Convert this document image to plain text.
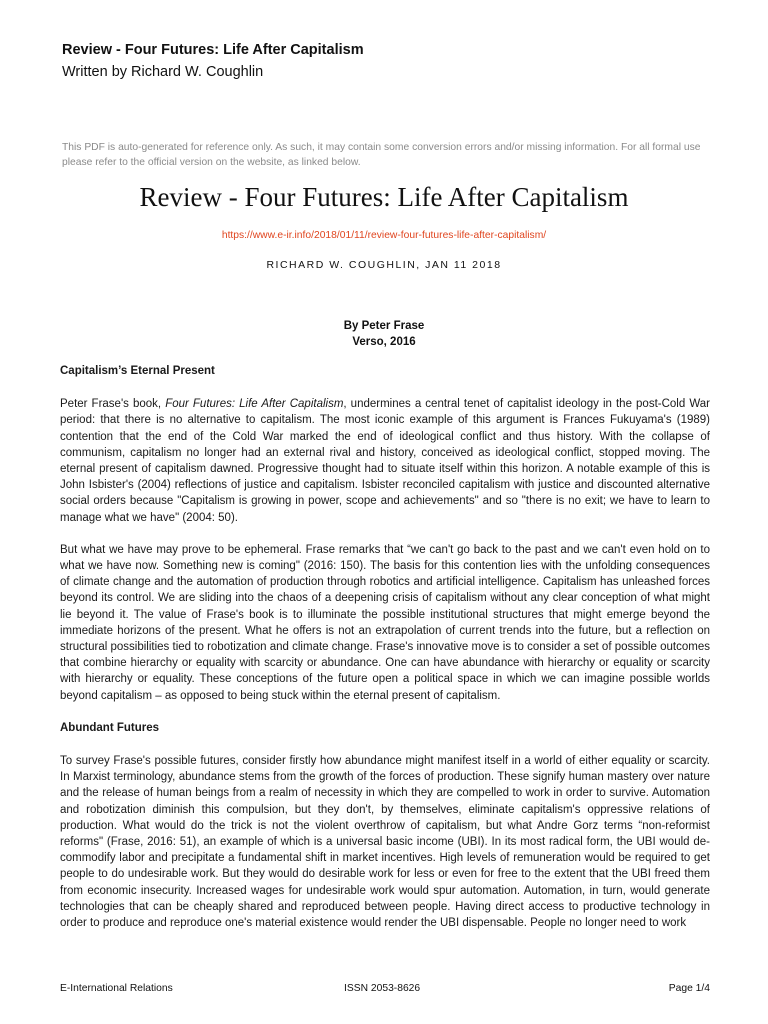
Review - Four Futures: Life After Capitalism
Written by Richard W. Coughlin
This PDF is auto-generated for reference only. As such, it may contain some conversion errors and/or missing information. For all formal use please refer to the official version on the website, as linked below.
Review - Four Futures: Life After Capitalism
https://www.e-ir.info/2018/01/11/review-four-futures-life-after-capitalism/
RICHARD W. COUGHLIN, JAN 11 2018
By Peter Frase
Verso, 2016
Capitalism’s Eternal Present

Peter Frase's book, Four Futures: Life After Capitalism, undermines a central tenet of capitalist ideology in the post-Cold War period: that there is no alternative to capitalism. The most iconic example of this argument is Frances Fukuyama's (1989) contention that the end of the Cold War marked the end of ideological conflict and thus history. With the collapse of communism, capitalism no longer had an external rival and history, conceived as ideological conflict, stopped moving. The eternal present of capitalism dawned. Progressive thought had to situate itself within this horizon. A notable example of this is John Isbister's (2004) reflections of justice and capitalism. Isbister reconciled capitalism with justice and discounted alternative social orders because "Capitalism is growing in power, scope and achievements" and so "there is no exit; we have to learn to manage what we have" (2004: 50).

But what we have may prove to be ephemeral. Frase remarks that “we can't go back to the past and we can't even hold on to what we have now. Something new is coming" (2016: 150). The basis for this contention lies with the unfolding consequences of climate change and the automation of production through robotics and artificial intelligence. Capitalism has unleashed forces beyond its control. We are sliding into the chaos of a deepening crisis of capitalism without any clear conception of what might lie beyond it. The value of Frase's book is to illuminate the possible institutional structures that might emerge beyond the immediate horizons of the present. What he offers is not an extrapolation of current trends into the future, but a reflection on structural possibilities tied to robotization and climate change. Frase's innovative move is to consider a set of possible outcomes that combine hierarchy or equality with scarcity or abundance. One can have abundance with hierarchy or equality or scarcity with hierarchy or equality. These conceptions of the future open a political space in which we can imagine possible worlds beyond capitalism – as opposed to being stuck within the eternal present of capitalism.

Abundant Futures

To survey Frase's possible futures, consider firstly how abundance might manifest itself in a world of either equality or scarcity. In Marxist terminology, abundance stems from the growth of the forces of production. These signify human mastery over nature and the release of human beings from a realm of necessity in which they are compelled to work in order to survive. Automation and robotization diminish this compulsion, but they don't, by themselves, eliminate capitalism's oppressive relations of production. What would do the trick is not the violent overthrow of capitalism, but what Andre Gorz terms “non-reformist reforms" (Frase, 2016: 51), an example of which is a universal basic income (UBI). In its most radical form, the UBI would de-commodify labor and precipitate a fundamental shift in market incentives. High levels of remuneration would be required to get people to do undesirable work. But they would do desirable work for less or even for free to the extent that the UBI freed them from economic insecurity. Increased wages for undesirable work would spur automation. Automation, in turn, would generate technologies that can be cheaply shared and reproduced between people. Having direct access to productive technology in order to produce and reproduce one's material existence would render the UBI dispensable. People no longer need to work

E-International Relations	ISSN 2053-8626	Page 1/4
